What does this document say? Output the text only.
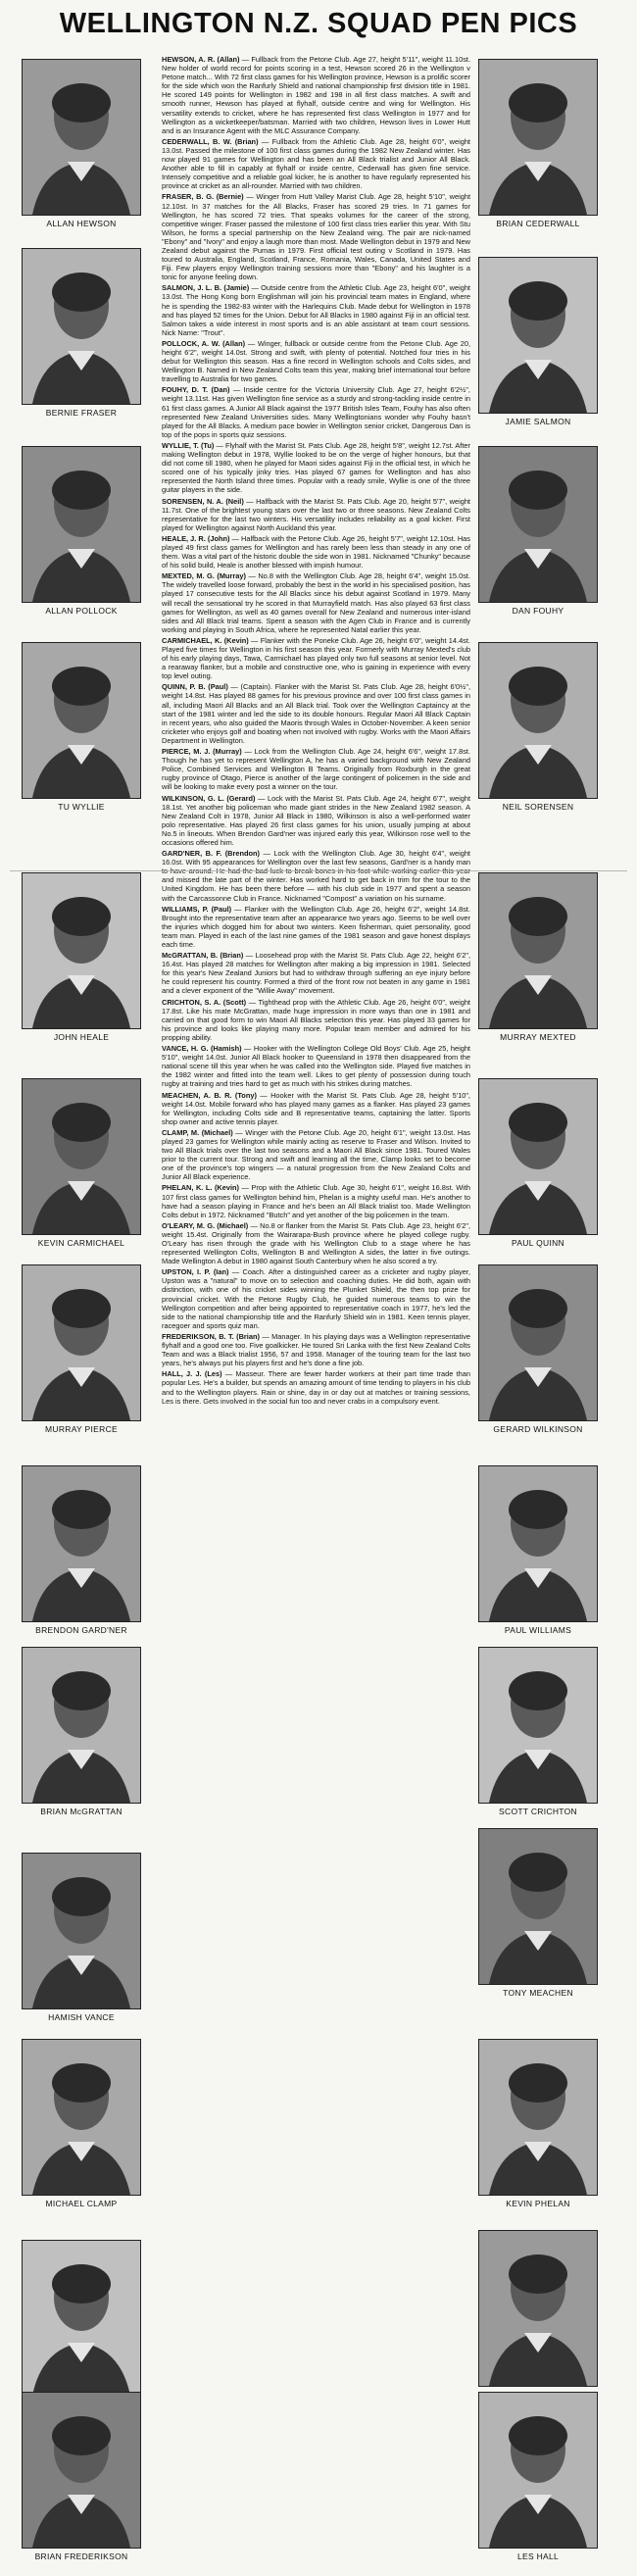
WELLINGTON N.Z. SQUAD PEN PICS

HEWSON, A. R. (Allan) — Fullback from the Petone Club. Age 27, height 5'11", weight 11.10st. New holder of world record for points scoring in a test, Hewson scored 26 in the Wellington v Petone match... With 72 first class games for his Wellington province, Hewson is a prolific scorer for the side which won the Ranfurly Shield and national championship first division title in 1981. He scored 149 points for Wellington in 1982 and 198 in all first class matches. A swift and smooth runner, Hewson has played at flyhalf, outside centre and wing for Wellington. His versatility extends to cricket, where he has represented first class Wellington in 1977 and for Wellington as a wicketkeeper/batsman. Married with two children, Hewson lives in Lower Hutt and is an Insurance Agent with the MLC Assurance Company.

CEDERWALL, B. W. (Brian) — Fullback from the Athletic Club. Age 28, height 6'0", weight 13.0st. Passed the milestone of 100 first class games during the 1982 New Zealand winter. Has now played 91 games for Wellington and has been an All Black trialist and Junior All Black. Another able to fill in capably at flyhalf or inside centre, Cederwall has given fine service. Intensely competitive and a reliable goal kicker, he is another to have regularly represented his province at cricket as an all-rounder. Married with two children.

FRASER, B. G. (Bernie) — Winger from Hutt Valley Marist Club. Age 28, height 5'10", weight 12.10st. In 37 matches for the All Blacks, Fraser has scored 29 tries. In 71 games for Wellington, he has scored 72 tries. That speaks volumes for the career of the strong, competitive winger. Fraser passed the milestone of 100 first class tries earlier this year. With Stu Wilson, he forms a special partnership on the New Zealand wing. The pair are nick-named "Ebony" and "Ivory" and enjoy a laugh more than most. Made Wellington debut in 1979 and New Zealand debut against the Pumas in 1979. First official test outing v Scotland in 1979. Has toured to Australia, England, Scotland, France, Romania, Wales, Canada, United States and Fiji. Few players enjoy Wellington training sessions more than "Ebony" and his laughter is a tonic for anyone feeling down.

SALMON, J. L. B. (Jamie) — Outside centre from the Athletic Club. Age 23, height 6'0", weight 13.0st. The Hong Kong born Englishman will join his provincial team mates in England, where he is spending the 1982-83 winter with the Harlequins Club. Made debut for Wellington in 1978 and has played 52 times for the Union. Debut for All Blacks in 1980 against Fiji in an official test. Salmon takes a wide interest in most sports and is an able assistant at team court sessions. Nick Name: "Trout".

POLLOCK, A. W. (Allan) — Winger, fullback or outside centre from the Petone Club. Age 20, height 6'2", weight 14.0st. Strong and swift, with plenty of potential. Notched four tries in his debut for Wellington this season. Has a fine record in Wellington schools and Colts sides, and Wellington B. Named in New Zealand Colts team this year, making brief international tour before travelling to Australia for two games.

FOUHY, D. T. (Dan) — Inside centre for the Victoria University Club. Age 27, height 6'2½", weight 13.11st. Has given Wellington fine service as a sturdy and strong-tackling inside centre in 61 first class games. A Junior All Black against the 1977 British Isles Team, Fouhy has also often represented New Zealand Universities sides. Many Wellingtonians wonder why Fouhy hasn't played for the All Blacks. A medium pace bowler in Wellington senior cricket, Dangerous Dan is top of the pops in sports quiz sessions.

WYLLIE, T. (Tu) — Flyhalf with the Marist St. Pats Club. Age 28, height 5'8", weight 12.7st. After making Wellington debut in 1978, Wyllie looked to be on the verge of higher honours, but that did not come till 1980, when he played for Maori sides against Fiji in the official test, in which he scored one of his typically jinky tries. Has played 67 games for Wellington and has also represented the North Island three times. Popular with a ready smile, Wyllie is one of the three guitar players in the side.

SORENSEN, N. A. (Neil) — Halfback with the Marist St. Pats Club. Age 20, height 5'7", weight 11.7st. One of the brightest young stars over the last two or three seasons. New Zealand Colts representative for the last two winters. His versatility includes reliability as a goal kicker. First played for Wellington against North Auckland this year.

HEALE, J. R. (John) — Halfback with the Petone Club. Age 26, height 5'7", weight 12.10st. Has played 49 first class games for Wellington and has rarely been less than steady in any one of them. Was a vital part of the historic double the side won in 1981. Nicknamed "Chunky" because of his solid build, Heale is another blessed with impish humour.

MEXTED, M. G. (Murray) — No.8 with the Wellington Club. Age 28, height 6'4", weight 15.0st. The widely travelled loose forward, probably the best in the world in his specialised position, has played 17 consecutive tests for the All Blacks since his debut against Scotland in 1979. Many will recall the sensational try he scored in that Murrayfield match. Has also played 63 first class games for Wellington, as well as 40 games overall for New Zealand and numerous inter-island sides and All Black trial teams. Spent a season with the Agen Club in France and is currently working and playing in South Africa, where he represented Natal earlier this year.

CARMICHAEL, K. (Kevin) — Flanker with the Poneke Club. Age 26, height 6'0", weight 14.4st. Played five times for Wellington in his first season this year. Formerly with Murray Mexted's club of his early playing days, Tawa, Carmichael has played only two full seasons at senior level. Not a rearaway flanker, but a mobile and constructive one, who is gaining in experience with every top level outing.

QUINN, P. B. (Paul) — (Captain). Flanker with the Marist St. Pats Club. Age 28, height 6'0½", weight 14.8st. Has played 88 games for his previous province and over 100 first class games in all, including Maori All Blacks and an All Black trial. Took over the Wellington Captaincy at the start of the 1981 winter and led the side to its double honours. Regular Maori All Black Captain in recent years, who also guided the Maoris through Wales in October-November. A keen senior cricketer who enjoys golf and boating when not involved with rugby. Works with the Maori Affairs Department in Wellington.

PIERCE, M. J. (Murray) — Lock from the Wellington Club. Age 24, height 6'6", weight 17.8st. Though he has yet to represent Wellington A, he has a varied background with New Zealand Police, Combined Services and Wellington B Teams. Originally from Roxburgh in the great rugby province of Otago, Pierce is another of the large contingent of policemen in the side and will be looking to make every post a winner on the tour.

WILKINSON, G. L. (Gerard) — Lock with the Marist St. Pats Club. Age 24, height 6'7", weight 18.1st. Yet another big policeman who made giant strides in the New Zealand 1982 season. A New Zealand Colt in 1978, Junior All Black in 1980, Wilkinson is also a well-performed water polo representative. Has played 26 first class games for his union, usually jumping at about No.5 in lineouts. When Brendon Gard'ner was injured early this year, Wilkinson rose well to the occasions offered him.

GARD'NER, B. F. (Brendon) — Lock with the Wellington Club. Age 30, height 6'4", weight 16.0st. With 95 appearances for Wellington over the last few seasons, Gard'ner is a handy man and missed the late part of the winter. Has worked hard to get back in trim for the tour to the United Kingdom. He has been there before — with his club side in 1977 and spent a season with the Carcassonne Club in France. Nicknamed "Compost" a variation on his surname.

WILLIAMS, P. (Paul) — Flanker with the Wellington Club. Age 26, height 6'2", weight 14.8st. Brought into the representative team after an appearance two years ago. Seems to be well over the injuries which dogged him for about two winters. Keen fisherman, quiet personality, good team man. Played in each of the last nine games of the 1981 season and gave honest displays each time.

McGRATTAN, B. (Brian) — Loosehead prop with the Marist St. Pats Club. Age 22, height 6'2", 16.4st. Has played 28 matches for Wellington after making a big impression in 1981. Selected for this year's New Zealand Juniors but had to withdraw through suffering an eye injury before he could represent his country. Formed a third of the front row not beaten in any game in 1981 and a clever exponent of the "Willie Away" movement.

CRICHTON, S. A. (Scott) — Tighthead prop with the Athletic Club. Age 26, height 6'0", weight 17.8st. Like his mate McGrattan, made huge impression in more ways than one in 1981 and carried on that good form to win Maori All Blacks selection this year. Has played 33 games for his province and looks like playing many more. Popular team member and admired for his propping ability.

VANCE, H. G. (Hamish) — Hooker with the Wellington College Old Boys' Club. Age 25, height 5'10", weight 14.0st. Junior All Black hooker to Queensland in 1978 then disappeared from the national scene till this year when he was called into the Wellington side. Played five matches in the 1982 winter and fitted into the team well. Likes to get plenty of possession during touch rugby at training and tries hard to get as much with his strikes during matches.

MEACHEN, A. B. R. (Tony) — Hooker with the Marist St. Pats Club. Age 28, height 5'10", weight 14.0st. Mobile forward who has played many games as a flanker. Has played 23 games for Wellington, including Colts side and B representative teams, captaining the latter. Sports shop owner and active tennis player.

CLAMP, M. (Michael) — Winger with the Petone Club. Age 20, height 6'1", weight 13.0st. Has played 23 games for Wellington while mainly acting as reserve to Fraser and Wilson. Invited to two All Black trials over the last two seasons and a Maori All Black since 1981. Toured Wales prior to the current tour. Strong and swift and learning all the time, Clamp looks set to become one of the province's top wingers — a natural progression from the New Zealand Colts and Junior All Black experience.

PHELAN, K. L. (Kevin) — Prop with the Athletic Club. Age 30, height 6'1", weight 16.8st. With 107 first class games for Wellington behind him, Phelan is a mighty useful man. He's another to have had a season playing in France and he's been an All Black trialist too. Made Wellington Colts debut in 1972. Nicknamed "Butch" and yet another of the big policemen in the team.

O'LEARY, M. G. (Michael) — No.8 or flanker from the Marist St. Pats Club. Age 23, height 6'2", weight 15.4st. Originally from the Wairarapa-Bush province where he played college rugby. O'Leary has risen through the grade with his Wellington Club to a stage where he has represented Wellington Colts, Wellington B and Wellington A sides, the latter in five outings. Made Wellington A debut in 1980 against South Canterbury when he also scored a try.

UPSTON, I. P. (Ian) — Coach. After a distinguished career as a cricketer and rugby player, Upston was a "natural" to move on to selection and coaching duties. He did both, again with distinction, with one of his cricket sides winning the Plunket Shield, the then top prize for provincial cricket. With the Petone Rugby Club, he guided numerous teams to win the Wellington competition and after being appointed to representative coach in 1977, he's led the side to the national championship title and the Ranfurly Shield win in 1981. Keen tennis player, racegoer and sports quiz man.

FREDERIKSON, B. T. (Brian) — Manager. In his playing days was a Wellington representative flyhalf and a good one too. Five goalkicker. He toured Sri Lanka with the first New Zealand Colts Team and was a Black trialist 1956, 57 and 1958. Manager of the touring team for the last two years, he's always put his players first and he's done a fine job.

HALL, J. J. (Les) — Masseur. There are fewer harder workers at their part time trade than popular Les. He's a builder, but spends an amazing amount of time tending to players in his club and to the Wellington players. Rain or shine, day in or day out at matches or training sessions, Les is there. Gets involved in the social fun too and never crabs in a compulsory event.

ALLAN HEWSON
BERNIE FRASER
ALLAN POLLOCK
TU WYLLIE
JOHN HEALE
KEVIN CARMICHAEL
MURRAY PIERCE
BRENDON GARD'NER
BRIAN McGRATTAN
HAMISH VANCE
MICHAEL CLAMP
BRIAN FREDERIKSON
BRIAN CEDERWALL
JAMIE SALMON
DAN FOUHY
NEIL SORENSEN
MURRAY MEXTED
PAUL QUINN
GERARD WILKINSON
PAUL WILLIAMS
SCOTT CRICHTON
TONY MEACHEN
KEVIN PHELAN
LES HALL
